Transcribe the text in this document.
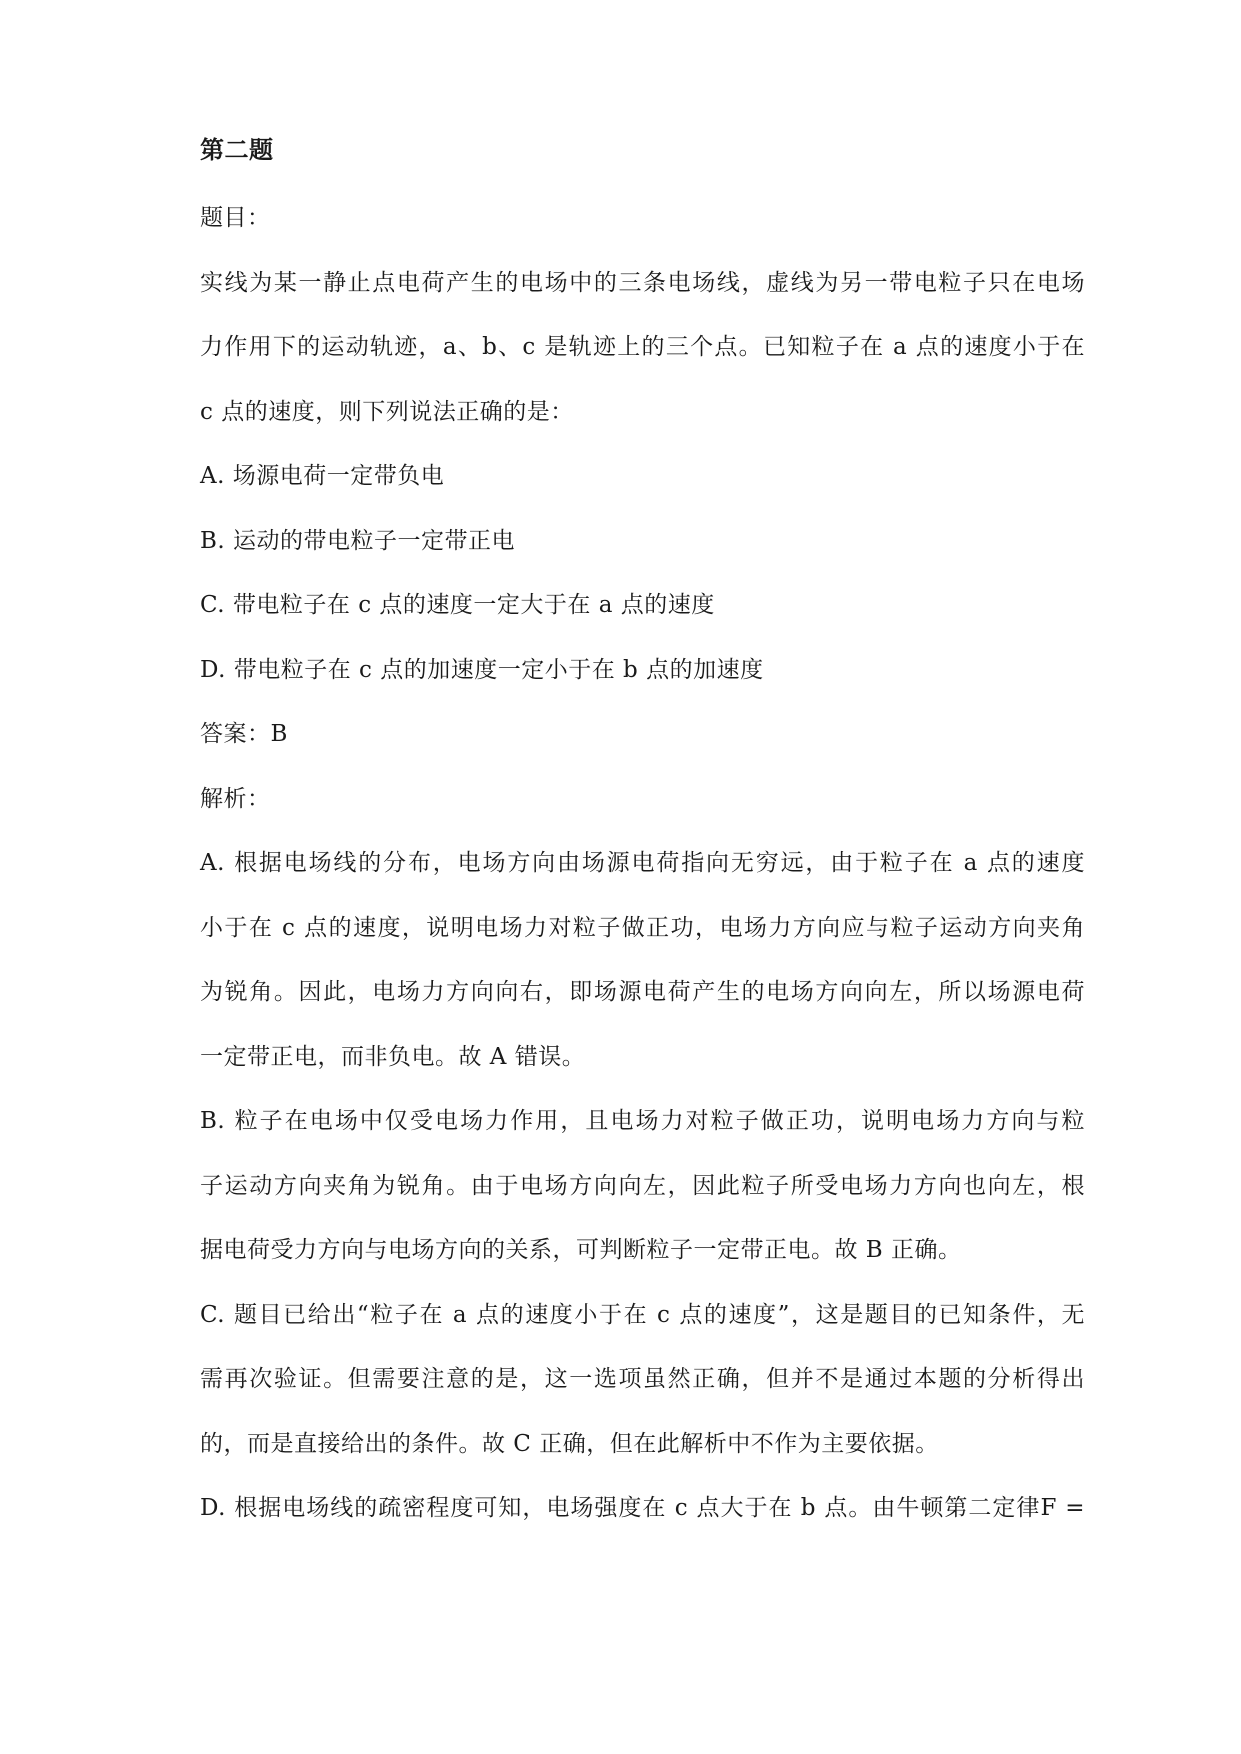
第二题
题目：
实线为某一静止点电荷产生的电场中的三条电场线，虚线为另一带电粒子只在电场
力作用下的运动轨迹，a、b、c 是轨迹上的三个点。已知粒子在 a 点的速度小于在
c 点的速度，则下列说法正确的是：
A. 场源电荷一定带负电
B. 运动的带电粒子一定带正电
C. 带电粒子在 c 点的速度一定大于在 a 点的速度
D. 带电粒子在 c 点的加速度一定小于在 b 点的加速度
答案：B
解析：
A. 根据电场线的分布，电场方向由场源电荷指向无穷远，由于粒子在 a 点的速度
小于在 c 点的速度，说明电场力对粒子做正功，电场力方向应与粒子运动方向夹角
为锐角。因此，电场力方向向右，即场源电荷产生的电场方向向左，所以场源电荷
一定带正电，而非负电。故 A 错误。
B. 粒子在电场中仅受电场力作用，且电场力对粒子做正功，说明电场力方向与粒
子运动方向夹角为锐角。由于电场方向向左，因此粒子所受电场力方向也向左，根
据电荷受力方向与电场方向的关系，可判断粒子一定带正电。故 B 正确。
C. 题目已给出“粒子在 a 点的速度小于在 c 点的速度”，这是题目的已知条件，无
需再次验证。但需要注意的是，这一选项虽然正确，但并不是通过本题的分析得出
的，而是直接给出的条件。故 C 正确，但在此解析中不作为主要依据。
D. 根据电场线的疏密程度可知，电场强度在 c 点大于在 b 点。由牛顿第二定律F =
